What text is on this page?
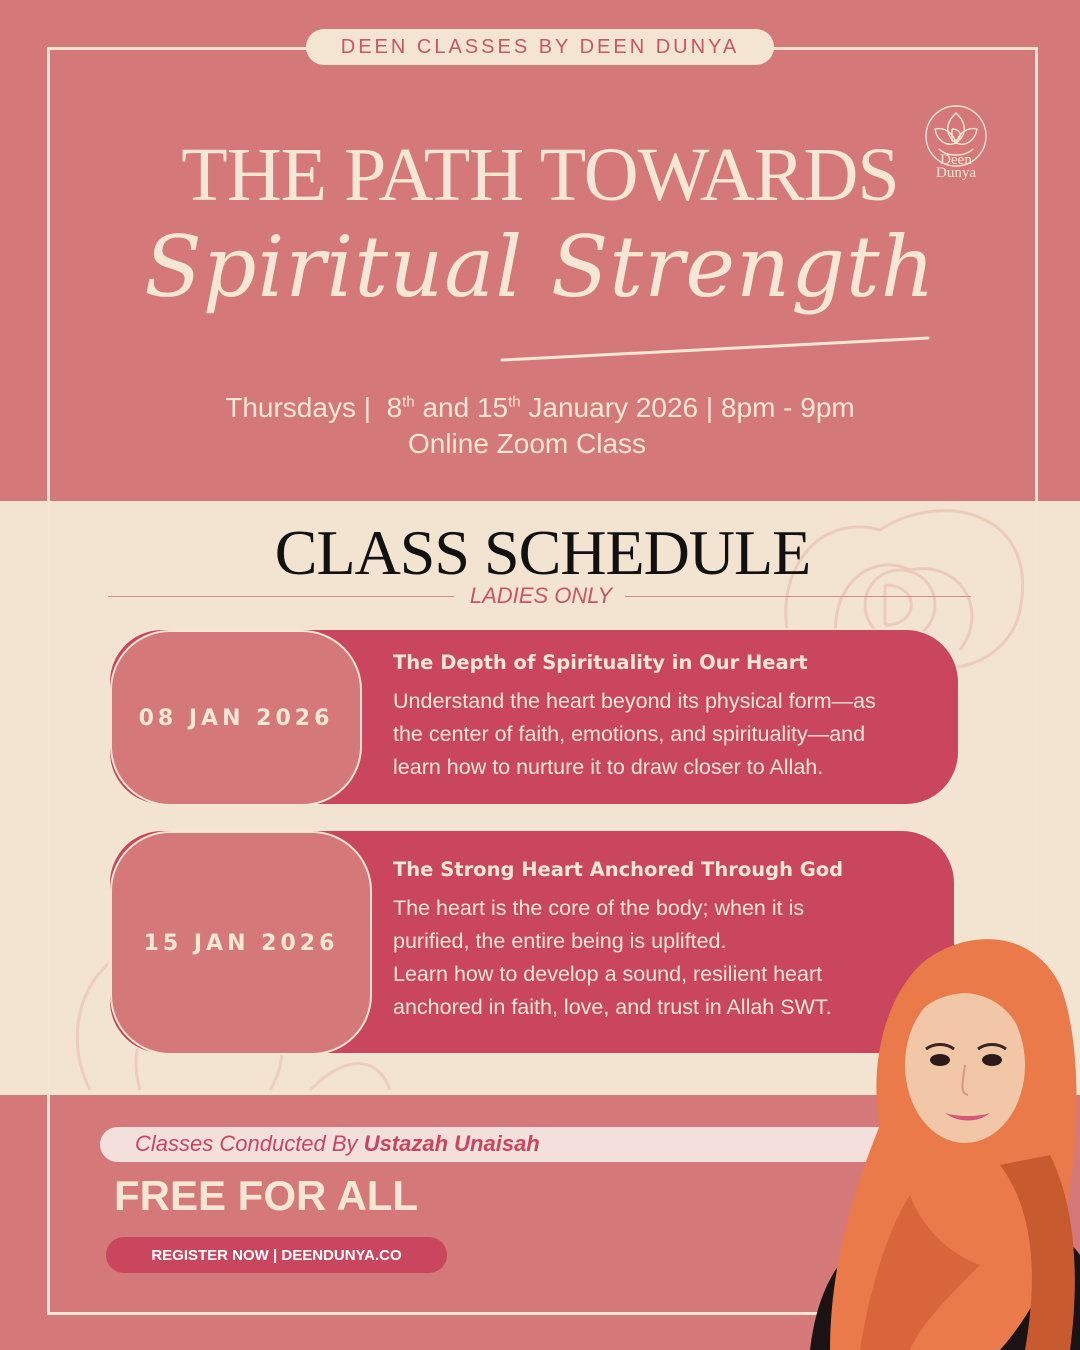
DEEN CLASSES BY DEEN DUNYA
Deen
Dunya
THE PATH TOWARDS
Spiritual Strength
Thursdays | 8th and 15th January 2026 | 8pm - 9pm
Online Zoom Class
CLASS SCHEDULE
LADIES ONLY
08 JAN 2026
The Depth of Spirituality in Our Heart
Understand the heart beyond its physical form—as
the center of faith, emotions, and spirituality—and
learn how to nurture it to draw closer to Allah.
15 JAN 2026
The Strong Heart Anchored Through God
The heart is the core of the body; when it is
purified, the entire being is uplifted.
Learn how to develop a sound, resilient heart
anchored in faith, love, and trust in Allah SWT.
Classes Conducted By Ustazah Unaisah
FREE FOR ALL
REGISTER NOW | DEENDUNYA.CO
